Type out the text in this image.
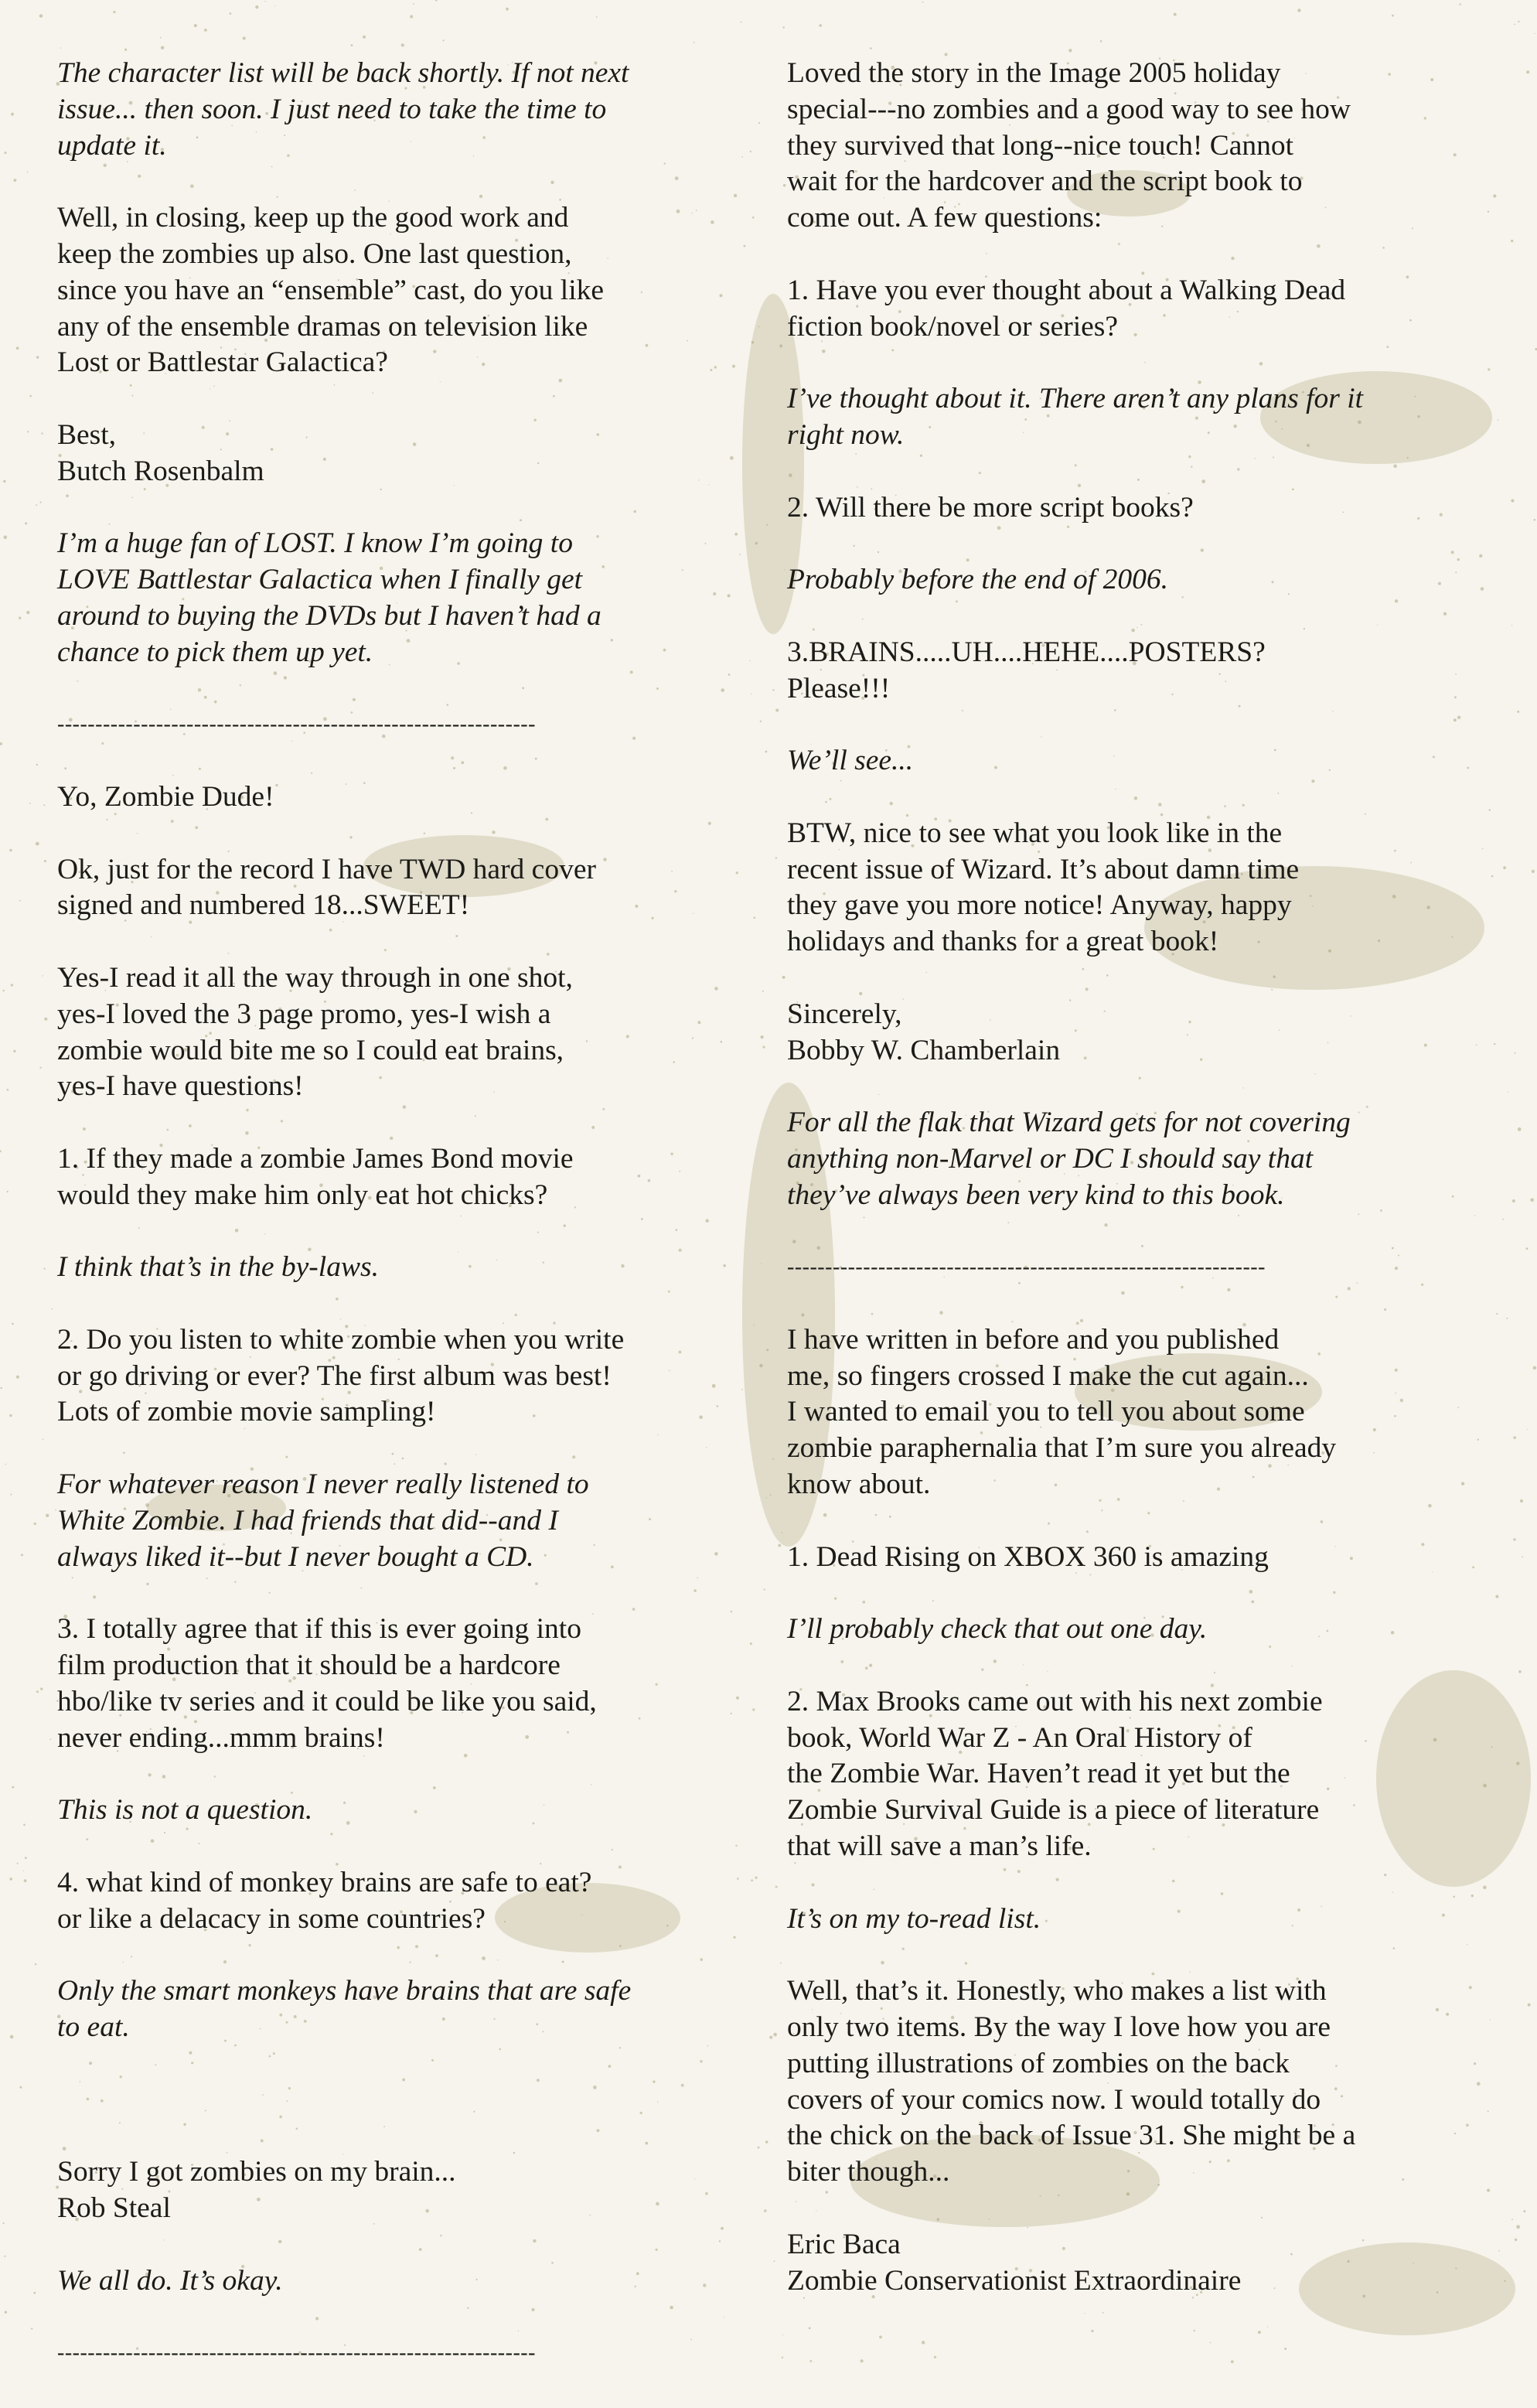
The character list will be back shortly. If not next
issue... then soon. I just need to take the time to
update it.
Well, in closing, keep up the good work and
keep the zombies up also. One last question,
since you have an “ensemble” cast, do you like
any of the ensemble dramas on television like
Lost or Battlestar Galactica?
Best,
Butch Rosenbalm
I’m a huge fan of LOST. I know I’m going to
LOVE Battlestar Galactica when I finally get
around to buying the DVDs but I haven’t had a
chance to pick them up yet.
---------------------------------------------------------------
Yo, Zombie Dude!
Ok, just for the record I have TWD hard cover
signed and numbered 18...SWEET!
Yes-I read it all the way through in one shot,
yes-I loved the 3 page promo, yes-I wish a
zombie would bite me so I could eat brains,
yes-I have questions!
1. If they made a zombie James Bond movie
would they make him only eat hot chicks?
I think that’s in the by-laws.
2. Do you listen to white zombie when you write
or go driving or ever? The first album was best!
Lots of zombie movie sampling!
For whatever reason I never really listened to
White Zombie. I had friends that did--and I
always liked it--but I never bought a CD.
3. I totally agree that if this is ever going into
film production that it should be a hardcore
hbo/like tv series and it could be like you said,
never ending...mmm brains!
This is not a question.
4. what kind of monkey brains are safe to eat?
or like a delacacy in some countries?
Only the smart monkeys have brains that are safe
to eat.

Sorry I got zombies on my brain...
Rob Steal
We all do. It’s okay.
---------------------------------------------------------------
Loved the story in the Image 2005 holiday
special---no zombies and a good way to see how
they survived that long--nice touch! Cannot
wait for the hardcover and the script book to
come out. A few questions:
1. Have you ever thought about a Walking Dead
fiction book/novel or series?
I’ve thought about it. There aren’t any plans for it
right now.
2. Will there be more script books?
Probably before the end of 2006.
3.BRAINS.....UH....HEHE....POSTERS?
Please!!!
We’ll see...
BTW, nice to see what you look like in the
recent issue of Wizard. It’s about damn time
they gave you more notice! Anyway, happy
holidays and thanks for a great book!
Sincerely,
Bobby W. Chamberlain
For all the flak that Wizard gets for not covering
anything non-Marvel or DC I should say that
they’ve always been very kind to this book.
---------------------------------------------------------------
I have written in before and you published
me, so fingers crossed I make the cut again...
I wanted to email you to tell you about some
zombie paraphernalia that I’m sure you already
know about.
1. Dead Rising on XBOX 360 is amazing
I’ll probably check that out one day.
2. Max Brooks came out with his next zombie
book, World War Z - An Oral History of
the Zombie War. Haven’t read it yet but the
Zombie Survival Guide is a piece of literature
that will save a man’s life.
It’s on my to-read list.
Well, that’s it. Honestly, who makes a list with
only two items. By the way I love how you are
putting illustrations of zombies on the back
covers of your comics now. I would totally do
the chick on the back of Issue 31. She might be a
biter though...
Eric Baca
Zombie Conservationist Extraordinaire
